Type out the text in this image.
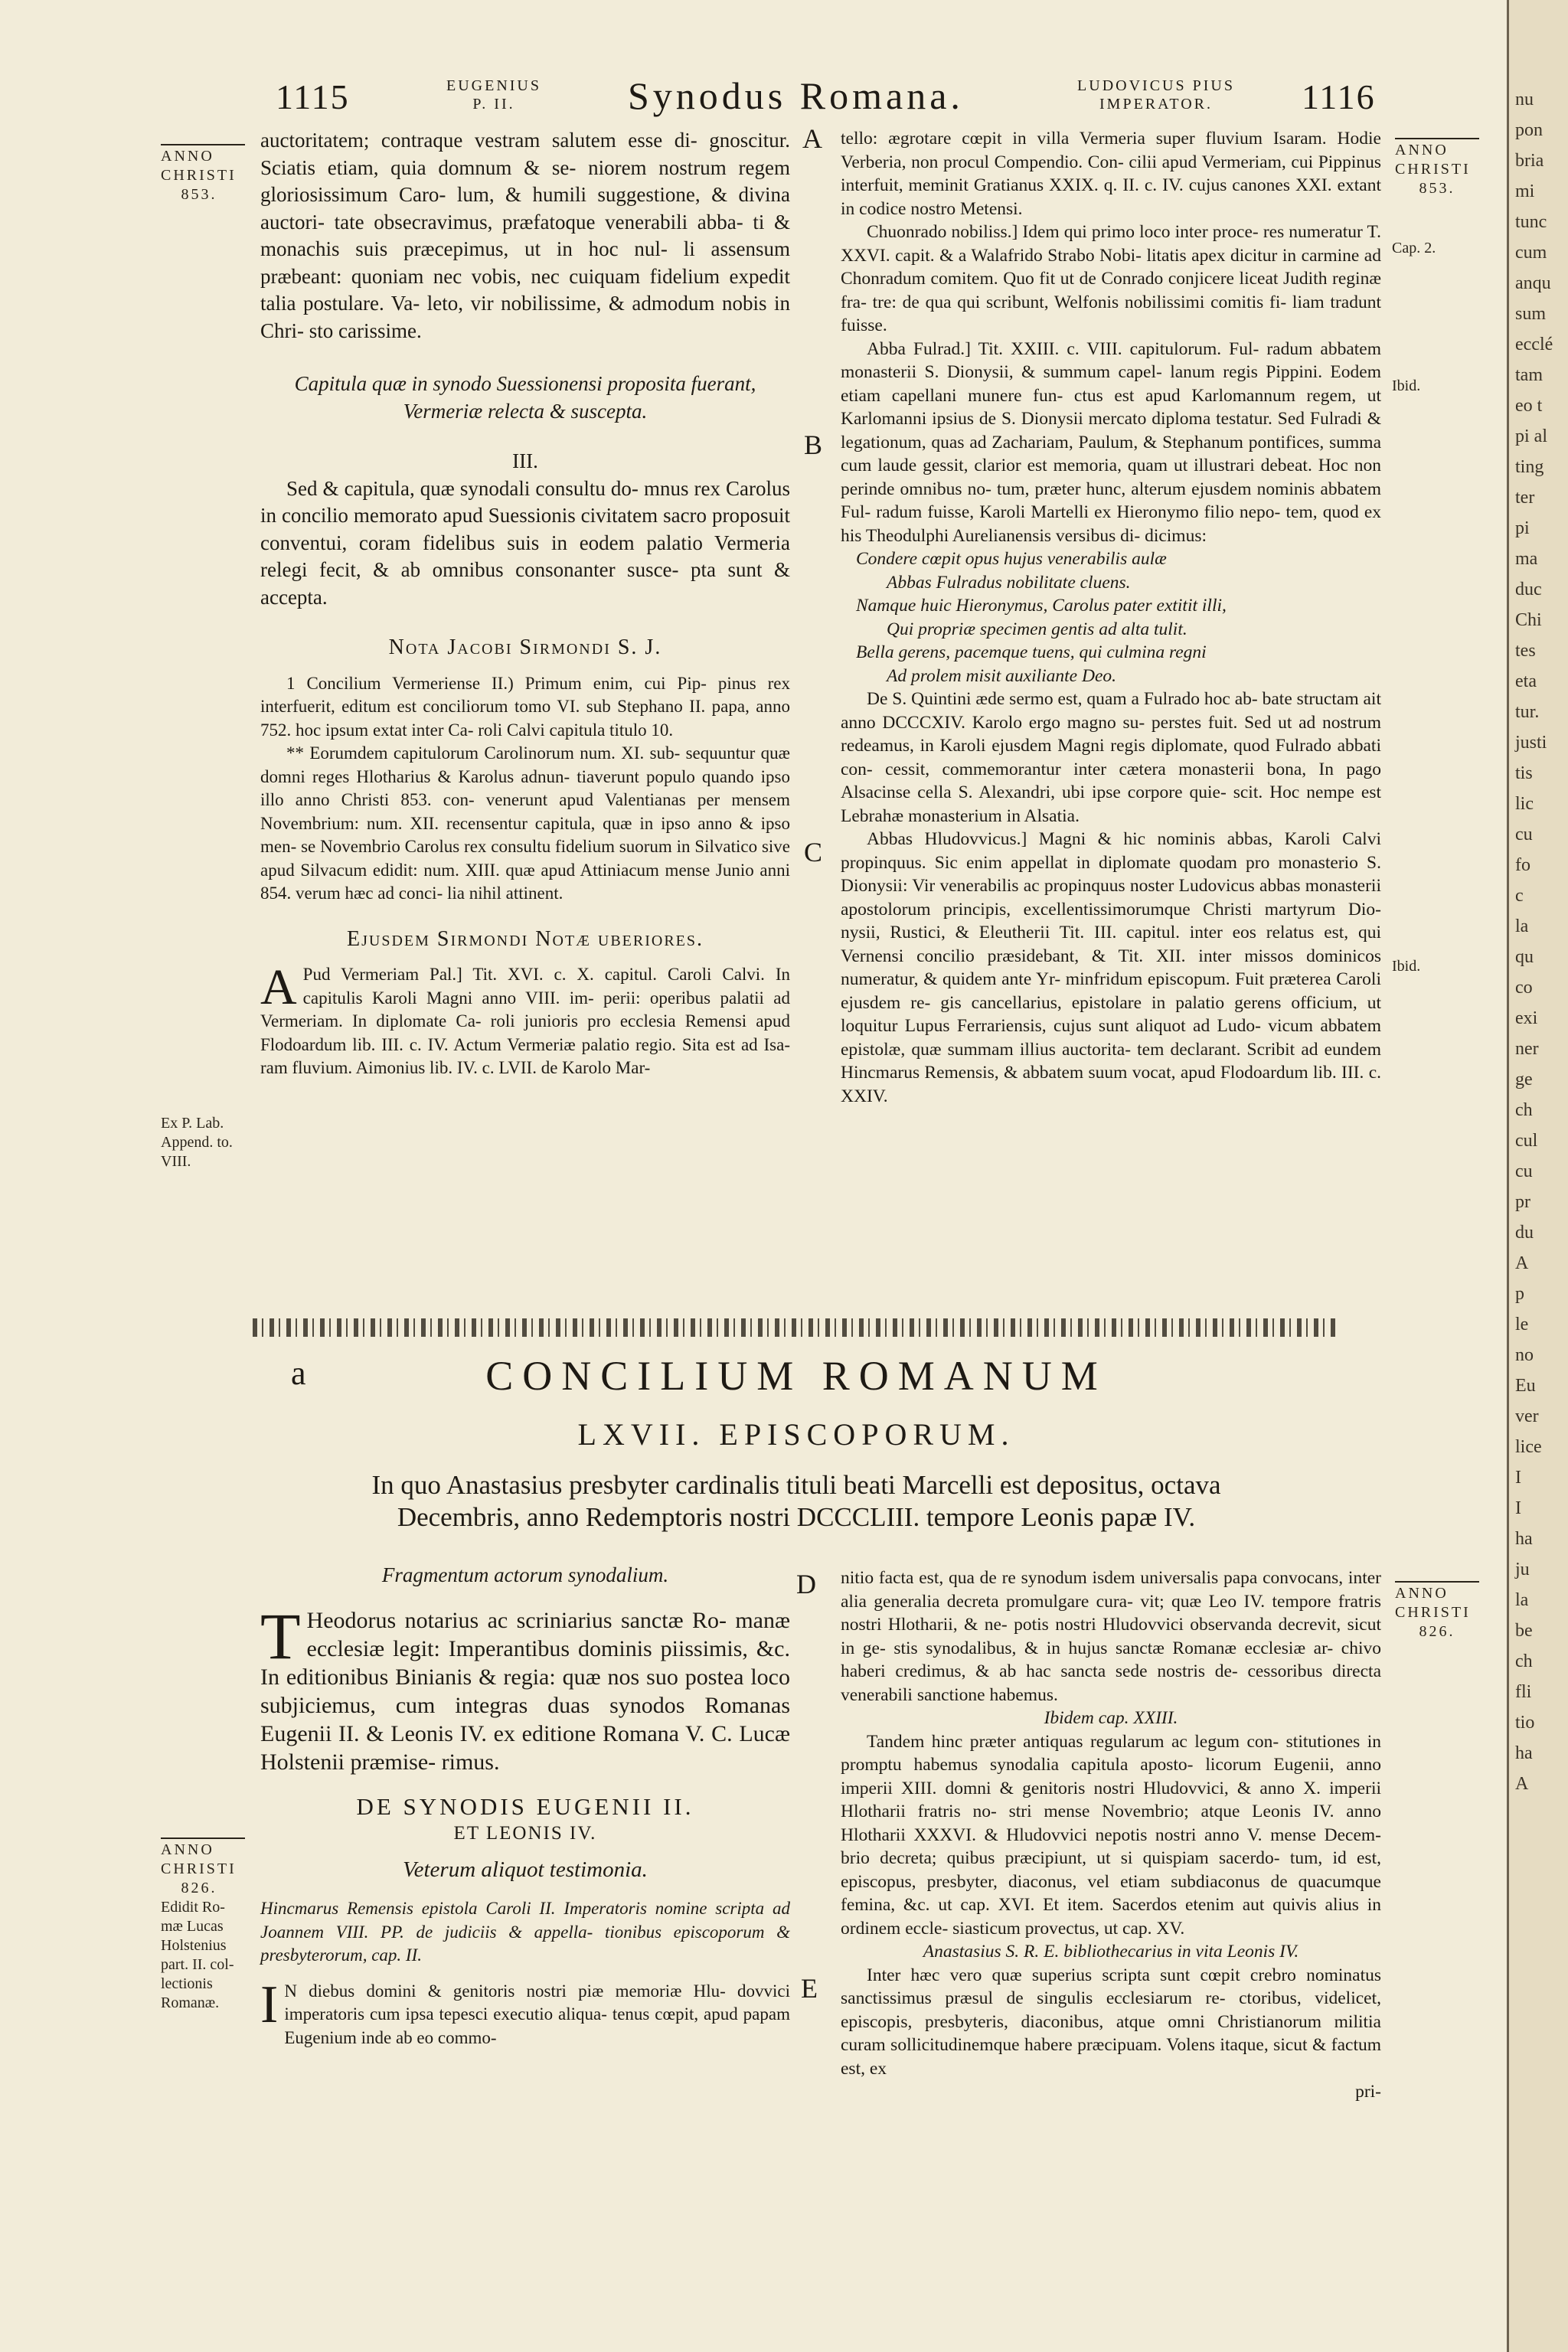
1115	EUGENIUS
P. II.	Synodus Romana.	LUDOVICUS PIUS
IMPERATOR.	1116
ANNO
CHRISTI
853.
ANNO
CHRISTI
853.
Cap. 2.
Ibid.
Ibid.
Ex P. Lab.
Append. to.
VIII.
ANNO
CHRISTI
826.
ANNO
CHRISTI
826.
Edidit Ro-
mæ Lucas
Holstenius
part. II. col-
lectionis
Romanæ.
A
B
C
D
E

auctoritatem; contraque vestram salutem esse di- gnoscitur. Sciatis etiam, quia domnum & se- niorem nostrum regem gloriosissimum Caro- lum, & humili suggestione, & divina auctori- tate obsecravimus, præfatoque venerabili abba- ti & monachis suis præcepimus, ut in hoc nul- li assensum præbeant: quoniam nec vobis, nec cuiquam fidelium expedit talia postulare. Va- leto, vir nobilissime, & admodum nobis in Chri- sto carissime.

Capitula quæ in synodo Suessionensi proposita fuerant, Vermeriæ relecta & suscepta.

III.

Sed & capitula, quæ synodali consultu do- mnus rex Carolus in concilio memorato apud Suessionis civitatem sacro proposuit conventui, coram fidelibus suis in eodem palatio Vermeria relegi fecit, & ab omnibus consonanter susce- pta sunt & accepta.

Nota Jacobi Sirmondi S. J.

1 Concilium Vermeriense II.) Primum enim, cui Pip- pinus rex interfuerit, editum est conciliorum tomo VI. sub Stephano II. papa, anno 752. hoc ipsum extat inter Ca- roli Calvi capitula titulo 10.

** Eorumdem capitulorum Carolinorum num. XI. sub- sequuntur quæ domni reges Hlotharius & Karolus adnun- tiaverunt populo quando ipso illo anno Christi 853. con- venerunt apud Valentianas per mensem Novembrium: num. XII. recensentur capitula, quæ in ipso anno & ipso men- se Novembrio Carolus rex consultu fidelium suorum in Silvatico sive apud Silvacum edidit: num. XIII. quæ apud Attiniacum mense Junio anni 854. verum hæc ad conci- lia nihil attinent.

Ejusdem Sirmondi Notæ uberiores.

A Pud Vermeriam Pal.] Tit. XVI. c. X. capitul. Caroli Calvi. In capitulis Karoli Magni anno VIII. im- perii: operibus palatii ad Vermeriam. In diplomate Ca- roli junioris pro ecclesia Remensi apud Flodoardum lib. III. c. IV. Actum Vermeriæ palatio regio. Sita est ad Isa- ram fluvium. Aimonius lib. IV. c. LVII. de Karolo Mar-

tello: ægrotare cœpit in villa Vermeria super fluvium Isaram. Hodie Verberia, non procul Compendio. Con- cilii apud Vermeriam, cui Pippinus interfuit, meminit Gratianus XXIX. q. II. c. IV. cujus canones XXI. extant in codice nostro Metensi.

Chuonrado nobiliss.] Idem qui primo loco inter proce- res numeratur T. XXVI. capit. & a Walafrido Strabo Nobi- litatis apex dicitur in carmine ad Chonradum comitem. Quo fit ut de Conrado conjicere liceat Judith reginæ fra- tre: de qua qui scribunt, Welfonis nobilissimi comitis fi- liam tradunt fuisse.

Abba Fulrad.] Tit. XXIII. c. VIII. capitulorum. Ful- radum abbatem monasterii S. Dionysii, & summum capel- lanum regis Pippini. Eodem etiam capellani munere fun- ctus est apud Karlomannum regem, ut Karlomanni ipsius de S. Dionysii mercato diploma testatur. Sed Fulradi & legationum, quas ad Zachariam, Paulum, & Stephanum pontifices, summa cum laude gessit, clarior est memoria, quam ut illustrari debeat. Hoc non perinde omnibus no- tum, præter hunc, alterum ejusdem nominis abbatem Ful- radum fuisse, Karoli Martelli ex Hieronymo filio nepo- tem, quod ex his Theodulphi Aurelianensis versibus di- dicimus:

Condere cœpit opus hujus venerabilis aulæ

Abbas Fulradus nobilitate cluens.

Namque huic Hieronymus, Carolus pater extitit illi,

Qui propriæ specimen gentis ad alta tulit.

Bella gerens, pacemque tuens, qui culmina regni

Ad prolem misit auxiliante Deo.

De S. Quintini æde sermo est, quam a Fulrado hoc ab- bate structam ait anno DCCCXIV. Karolo ergo magno su- perstes fuit. Sed ut ad nostrum redeamus, in Karoli ejusdem Magni regis diplomate, quod Fulrado abbati con- cessit, commemorantur inter cætera monasterii bona, In pago Alsacinse cella S. Alexandri, ubi ipse corpore quie- scit. Hoc nempe est Lebrahæ monasterium in Alsatia.

Abbas Hludovvicus.] Magni & hic nominis abbas, Karoli Calvi propinquus. Sic enim appellat in diplomate quodam pro monasterio S. Dionysii: Vir venerabilis ac propinquus noster Ludovicus abbas monasterii apostolorum principis, excellentissimorumque Christi martyrum Dio- nysii, Rustici, & Eleutherii Tit. III. capitul. inter eos relatus est, qui Vernensi concilio præsidebant, & Tit. XII. inter missos dominicos numeratur, & quidem ante Yr- minfridum episcopum. Fuit præterea Caroli ejusdem re- gis cancellarius, epistolare in palatio gerens officium, ut loquitur Lupus Ferrariensis, cujus sunt aliquot ad Ludo- vicum abbatem epistolæ, quæ summam illius auctorita- tem declarant. Scribit ad eundem Hincmarus Remensis, & abbatem suum vocat, apud Flodoardum lib. III. c. XXIV.

a	CONCILIUM ROMANUM
LXVII. EPISCOPORUM.
In quo Anastasius presbyter cardinalis tituli beati Marcelli est depositus, octava
Decembris, anno Redemptoris nostri DCCCLIII. tempore Leonis papæ IV.

Fragmentum actorum synodalium.

T Heodorus notarius ac scriniarius sanctæ Ro- manæ ecclesiæ legit: Imperantibus dominis piissimis, &c. In editionibus Binianis & regia: quæ nos suo postea loco subjiciemus, cum integras duas synodos Romanas Eugenii II. & Leonis IV. ex editione Romana V. C. Lucæ Holstenii præmise- rimus.

DE SYNODIS EUGENII II.

ET LEONIS IV.

Veterum aliquot testimonia.

Hincmarus Remensis epistola Caroli II. Imperatoris nomine scripta ad Joannem VIII. PP. de judiciis & appella- tionibus episcoporum & presbyterorum, cap. II.

I N diebus domini & genitoris nostri piæ memoriæ Hlu- dovvici imperatoris cum ipsa tepesci executio aliqua- tenus cœpit, apud papam Eugenium inde ab eo commo-

nitio facta est, qua de re synodum isdem universalis papa convocans, inter alia generalia decreta promulgare cura- vit; quæ Leo IV. tempore fratris nostri Hlotharii, & ne- potis nostri Hludovvici observanda decrevit, sicut in ge- stis synodalibus, & in hujus sanctæ Romanæ ecclesiæ ar- chivo haberi credimus, & ab hac sancta sede nostris de- cessoribus directa venerabili sanctione habemus.

Ibidem cap. XXIII.

Tandem hinc præter antiquas regularum ac legum con- stitutiones in promptu habemus synodalia capitula aposto- licorum Eugenii, anno imperii XIII. domni & genitoris nostri Hludovvici, & anno X. imperii Hlotharii fratris no- stri mense Novembrio; atque Leonis IV. anno Hlotharii XXXVI. & Hludovvici nepotis nostri anno V. mense Decem- brio decreta; quibus præcipiunt, ut si quispiam sacerdo- tum, id est, episcopus, presbyter, diaconus, vel etiam subdiaconus de quacumque femina, &c. ut cap. XVI. Et item. Sacerdos etenim aut quivis alius in ordinem eccle- siasticum provectus, ut cap. XV.

Anastasius S. R. E. bibliothecarius in vita Leonis IV.

Inter hæc vero quæ superius scripta sunt cœpit crebro nominatus sanctissimus præsul de singulis ecclesiarum re- ctoribus, videlicet, episcopis, presbyteris, diaconibus, atque omni Christianorum militia curam sollicitudinemque habere præcipuam. Volens itaque, sicut & factum est, ex

pri-

nu
pon
bria
mi
tunc
cum
anqu
sum
ecclé
tam
eo t
pi al
ting
ter
pi
ma
duc
Chi
tes
eta
tur.
justi
tis
lic
cu
fo
c
la
qu
co
exi
ner
ge
ch
cul
cu
pr
du
A
p
le
no
Eu
ver
lice
I
I
ha
ju
la
be
ch
fli
tio
ha
A
